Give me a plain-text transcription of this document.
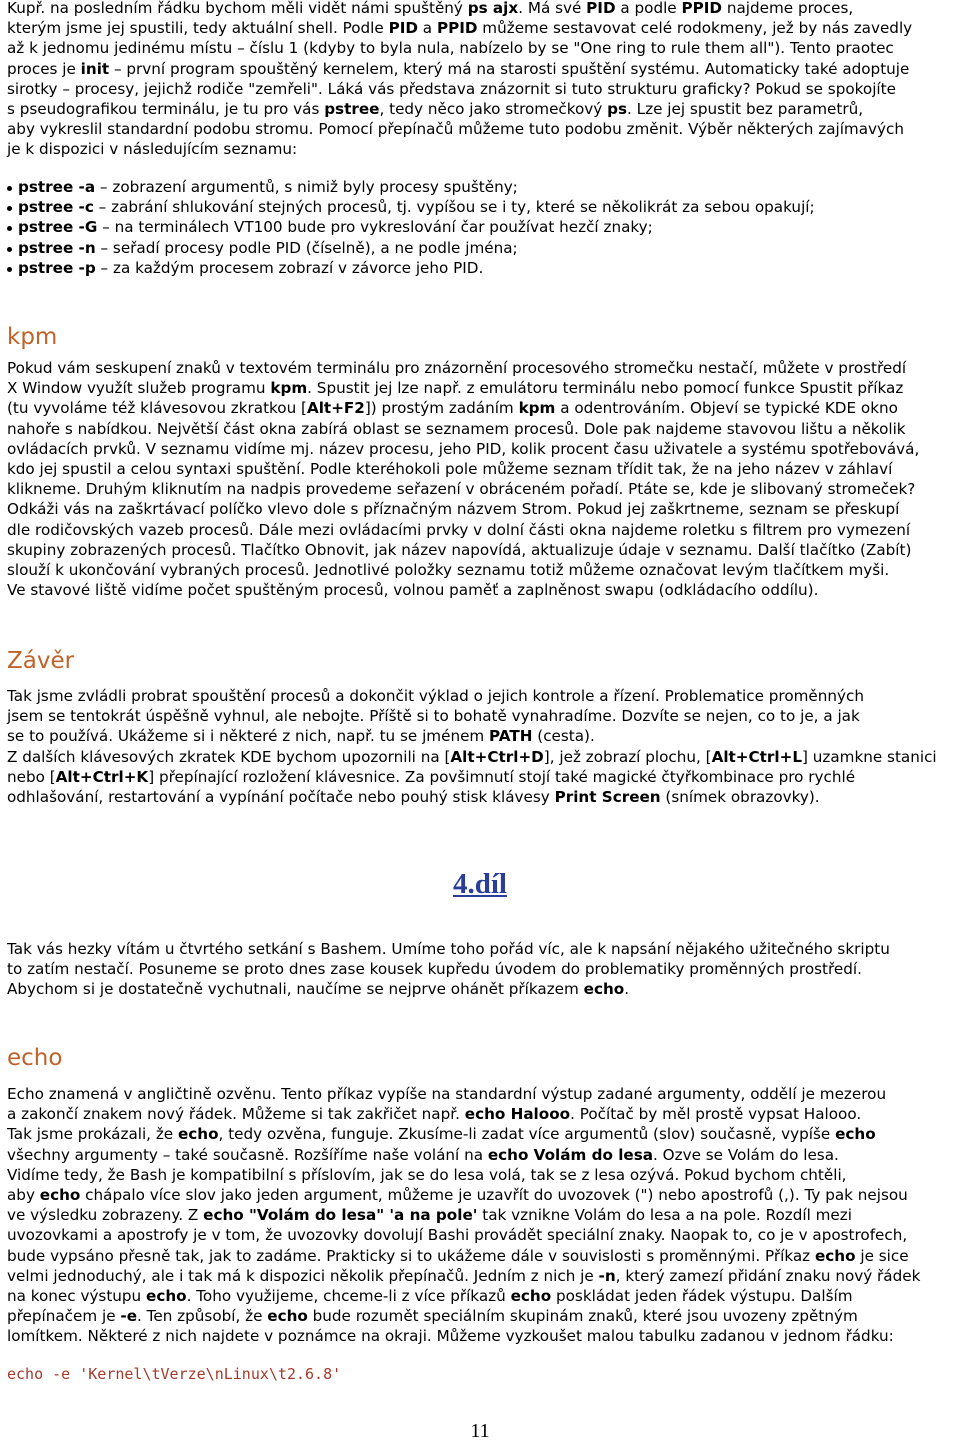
Kupř. na posledním řádku bychom měli vidět námi spuštěný ps ajx. Má své PID a podle PPID najdeme proces,
kterým jsme jej spustili, tedy aktuální shell. Podle PID a PPID můžeme sestavovat celé rodokmeny, jež by nás zavedly
až k jednomu jedinému místu – číslu 1 (kdyby to byla nula, nabízelo by se "One ring to rule them all"). Tento praotec
proces je init – první program spouštěný kernelem, který má na starosti spuštění systému. Automaticky také adoptuje
sirotky – procesy, jejichž rodiče "zemřeli". Láká vás představa znázornit si tuto strukturu graficky? Pokud se spokojíte
s pseudografikou terminálu, je tu pro vás pstree, tedy něco jako stromečkový ps. Lze jej spustit bez parametrů,
aby vykreslil standardní podobu stromu. Pomocí přepínačů můžeme tuto podobu změnit. Výběr některých zajímavých
je k dispozici v následujícím seznamu:
pstree -a – zobrazení argumentů, s nimiž byly procesy spuštěny;
pstree -c – zabrání shlukování stejných procesů, tj. vypíšou se i ty, které se několikrát za sebou opakují;
pstree -G – na terminálech VT100 bude pro vykreslování čar používat hezčí znaky;
pstree -n – seřadí procesy podle PID (číselně), a ne podle jména;
pstree -p – za každým procesem zobrazí v závorce jeho PID.
kpm
Pokud vám seskupení znaků v textovém terminálu pro znázornění procesového stromečku nestačí, můžete v prostředí
X Window využít služeb programu kpm. Spustit jej lze např. z emulátoru terminálu nebo pomocí funkce Spustit příkaz
(tu vyvoláme též klávesovou zkratkou [Alt+F2]) prostým zadáním kpm a odentrováním. Objeví se typické KDE okno
nahoře s nabídkou. Největší část okna zabírá oblast se seznamem procesů. Dole pak najdeme stavovou lištu a několik
ovládacích prvků. V seznamu vidíme mj. název procesu, jeho PID, kolik procent času uživatele a systému spotřebovává,
kdo jej spustil a celou syntaxi spuštění. Podle kteréhokoli pole můžeme seznam třídit tak, že na jeho název v záhlaví
klikneme. Druhým kliknutím na nadpis provedeme seřazení v obráceném pořadí. Ptáte se, kde je slibovaný stromeček?
Odkáži vás na zaškrtávací políčko vlevo dole s příznačným názvem Strom. Pokud jej zaškrtneme, seznam se přeskupí
dle rodičovských vazeb procesů. Dále mezi ovládacími prvky v dolní části okna najdeme roletku s filtrem pro vymezení
skupiny zobrazených procesů. Tlačítko Obnovit, jak název napovídá, aktualizuje údaje v seznamu. Další tlačítko (Zabít)
slouží k ukončování vybraných procesů. Jednotlivé položky seznamu totiž můžeme označovat levým tlačítkem myši.
Ve stavové liště vidíme počet spuštěným procesů, volnou paměť a zaplněnost swapu (odkládacího oddílu).
Závěr
Tak jsme zvládli probrat spouštění procesů a dokončit výklad o jejich kontrole a řízení. Problematice proměnných
jsem se tentokrát úspěšně vyhnul, ale nebojte. Příště si to bohatě vynahradíme. Dozvíte se nejen, co to je, a jak
se to používá. Ukážeme si i některé z nich, např. tu se jménem PATH (cesta).
Z dalších klávesových zkratek KDE bychom upozornili na [Alt+Ctrl+D], jež zobrazí plochu, [Alt+Ctrl+L] uzamkne stanici
nebo [Alt+Ctrl+K] přepínající rozložení klávesnice. Za povšimnutí stojí také magické čtyřkombinace pro rychlé
odhlašování, restartování a vypínání počítače nebo pouhý stisk klávesy Print Screen (snímek obrazovky).
echo
Echo znamená v angličtině ozvěnu. Tento příkaz vypíše na standardní výstup zadané argumenty, oddělí je mezerou
a zakončí znakem nový řádek. Můžeme si tak zakřičet např. echo Halooo. Počítač by měl prostě vypsat Halooo.
Tak jsme prokázali, že echo, tedy ozvěna, funguje. Zkusíme-li zadat více argumentů (slov) současně, vypíše echo
všechny argumenty – také současně. Rozšíříme naše volání na echo Volám do lesa. Ozve se Volám do lesa.
Vidíme tedy, že Bash je kompatibilní s příslovím, jak se do lesa volá, tak se z lesa ozývá. Pokud bychom chtěli,
aby echo chápalo více slov jako jeden argument, můžeme je uzavřít do uvozovek (") nebo apostrofů (,). Ty pak nejsou
ve výsledku zobrazeny. Z echo "Volám do lesa" 'a na pole' tak vznikne Volám do lesa a na pole. Rozdíl mezi
uvozovkami a apostrofy je v tom, že uvozovky dovolují Bashi provádět speciální znaky. Naopak to, co je v apostrofech,
bude vypsáno přesně tak, jak to zadáme. Prakticky si to ukážeme dále v souvislosti s proměnnými. Příkaz echo je sice
velmi jednoduchý, ale i tak má k dispozici několik přepínačů. Jedním z nich je -n, který zamezí přidání znaku nový řádek
na konec výstupu echo. Toho využijeme, chceme-li z více příkazů echo poskládat jeden řádek výstupu. Dalším
přepínačem je -e. Ten způsobí, že echo bude rozumět speciálním skupinám znaků, které jsou uvozeny zpětným
lomítkem. Některé z nich najdete v poznámce na okraji. Můžeme vyzkoušet malou tabulku zadanou v jednom řádku:
echo -e 'Kernel\tVerze\nLinux\t2.6.8'
Tak vás hezky vítám u čtvrtého setkání s Bashem. Umíme toho pořád víc, ale k napsání nějakého užitečného skriptu
to zatím nestačí. Posuneme se proto dnes zase kousek kupředu úvodem do problematiky proměnných prostředí.
Abychom si je dostatečně vychutnali, naučíme se nejprve ohánět příkazem echo.
4.díl
11
